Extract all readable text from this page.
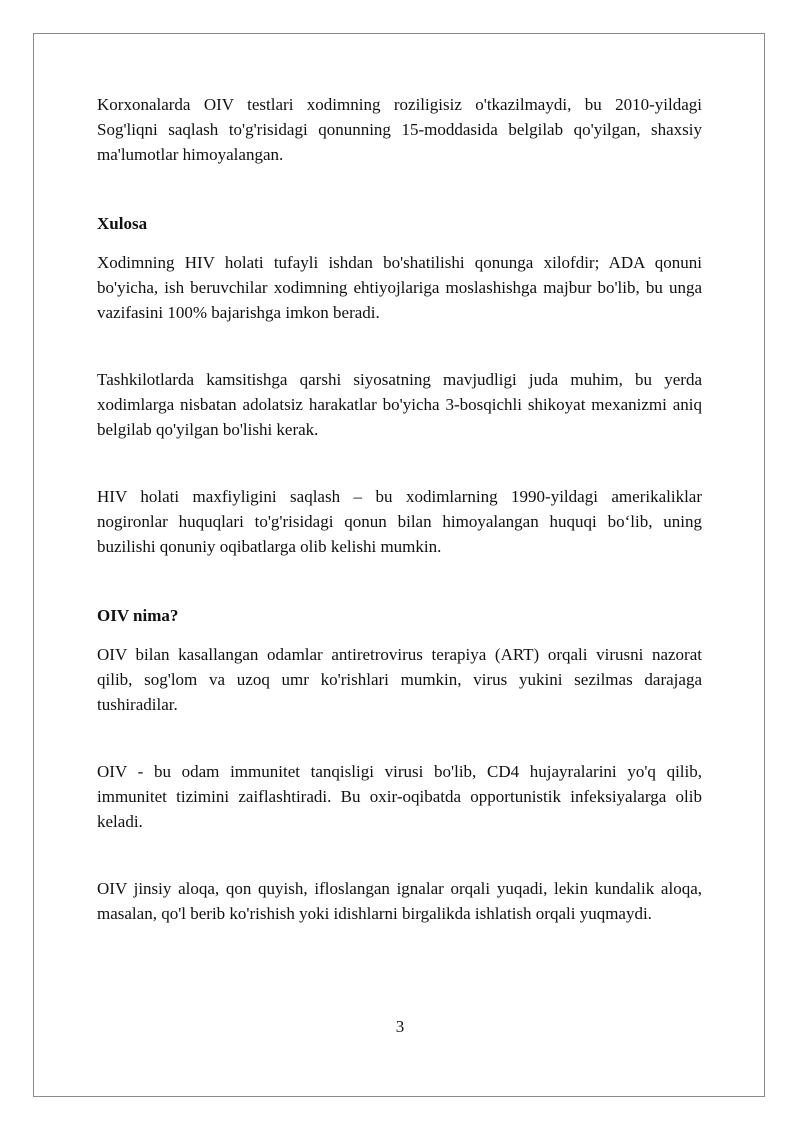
Korxonalarda OIV testlari xodimning roziligisiz o'tkazilmaydi, bu 2010-yildagi Sog'liqni saqlash to'g'risidagi qonunning 15-moddasida belgilab qo'yilgan, shaxsiy ma'lumotlar himoyalangan.

Xulosa

Xodimning HIV holati tufayli ishdan bo'shatilishi qonunga xilofdir; ADA qonuni bo'yicha, ish beruvchilar xodimning ehtiyojlariga moslashishga majbur bo'lib, bu unga vazifasini 100% bajarishga imkon beradi.

Tashkilotlarda kamsitishga qarshi siyosatning mavjudligi juda muhim, bu yerda xodimlarga nisbatan adolatsiz harakatlar bo'yicha 3-bosqichli shikoyat mexanizmi aniq belgilab qo'yilgan bo'lishi kerak.

HIV holati maxfiyligini saqlash – bu xodimlarning 1990-yildagi amerikaliklar nogironlar huquqlari to'g'risidagi qonun bilan himoyalangan huquqi bo‘lib, uning buzilishi qonuniy oqibatlarga olib kelishi mumkin.

OIV nima?

OIV bilan kasallangan odamlar antiretrovirus terapiya (ART) orqali virusni nazorat qilib, sog'lom va uzoq umr ko'rishlari mumkin, virus yukini sezilmas darajaga tushiradilar.

OIV - bu odam immunitet tanqisligi virusi bo'lib, CD4 hujayralarini yo'q qilib, immunitet tizimini zaiflashtiradi. Bu oxir-oqibatda opportunistik infeksiyalarga olib keladi.

OIV jinsiy aloqa, qon quyish, ifloslangan ignalar orqali yuqadi, lekin kundalik aloqa, masalan, qo'l berib ko'rishish yoki idishlarni birgalikda ishlatish orqali yuqmaydi.

3
